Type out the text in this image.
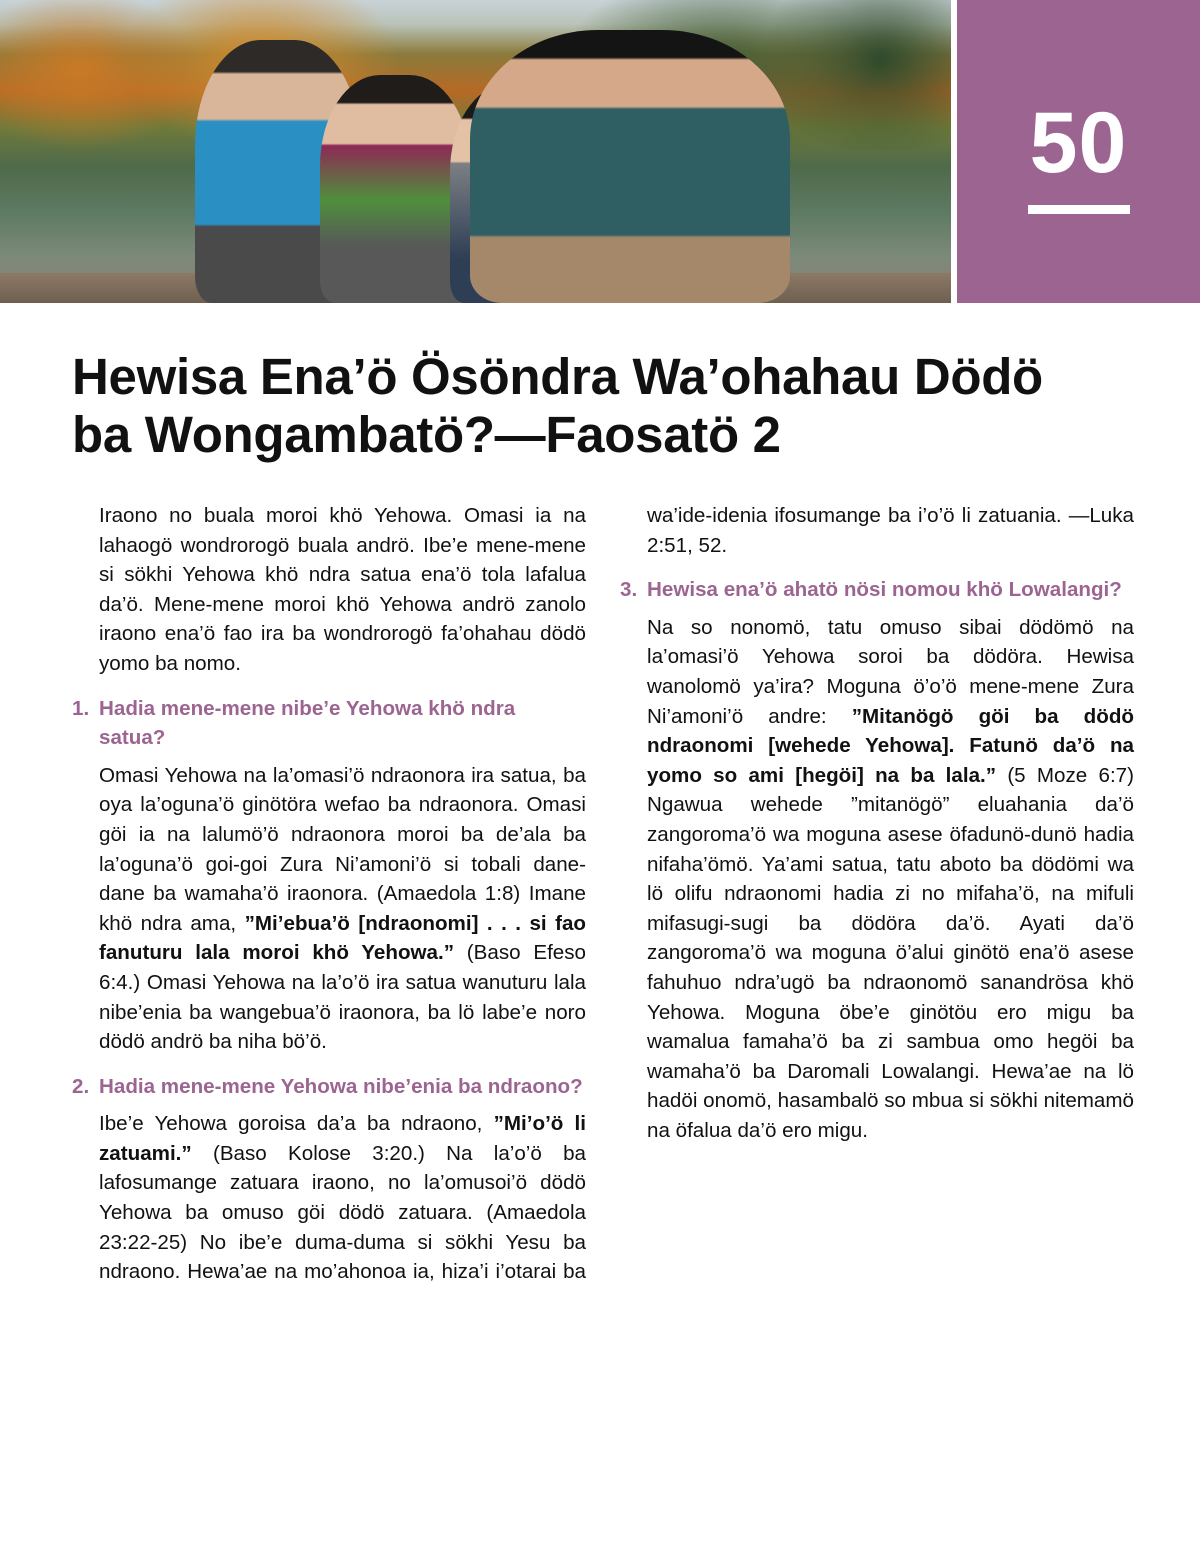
50
Hewisa Ena’ö Ösöndra Wa’ohahau Dödö
ba Wongambatö?—Faosatö 2

Iraono no buala moroi khö Yehowa. Omasi ia na lahaogö wondrorogö buala andrö. Ibe’e mene-mene si sökhi Yehowa khö ndra satua ena’ö tola lafalua da’ö. Mene-mene moroi khö Yehowa andrö zanolo iraono ena’ö fao ira ba wondrorogö fa’ohahau dödö yomo ba nomo.

1. Hadia mene-mene nibe’e Yehowa khö ndra satua?

Omasi Yehowa na la’omasi’ö ndraonora ira satua, ba oya la’oguna’ö ginötöra wefao ba ndraonora. Omasi göi ia na lalumö’ö ndraonora moroi ba de’ala ba la’oguna’ö goi-goi Zura Ni’amoni’ö si tobali dane-dane ba wamaha’ö iraonora. (Amaedola 1:8) Imane khö ndra ama, ”Mi’ebua’ö [ndraonomi] . . . si fao fanuturu lala moroi khö Yehowa.” (Baso Efeso 6:4.) Omasi Yehowa na la’o’ö ira satua wanuturu lala nibe’enia ba wangebua’ö iraonora, ba lö labe’e noro dödö andrö ba niha bö’ö.

2. Hadia mene-mene Yehowa nibe’enia ba ndraono?

Ibe’e Yehowa goroisa da’a ba ndraono, ”Mi’o’ö li zatuami.” (Baso Kolose 3:20.) Na la’o’ö ba lafosumange zatuara iraono, no la’omusoi’ö dödö Yehowa ba omuso göi dödö zatuara. (Amaedola 23:22-25) No ibe’e duma-duma si sökhi Yesu ba ndraono. Hewa’ae na mo’ahonoa ia, hiza’i i’otarai ba wa’ide-idenia ifosumange ba i’o’ö li zatuania. —Luka 2:51, 52.

3. Hewisa ena’ö ahatö nösi nomou khö Lowalangi?

Na so nonomö, tatu omuso sibai dödömö na la’omasi’ö Yehowa soroi ba dödöra. Hewisa wanolomö ya’ira? Moguna ö’o’ö mene-mene Zura Ni’amoni’ö andre: ”Mitanögö göi ba dödö ndraonomi [wehede Yehowa]. Fatunö da’ö na yomo so ami [hegöi] na ba lala.” (5 Moze 6:7) Ngawua wehede ”mitanögö” eluahania da’ö zangoroma’ö wa moguna asese öfadunö-dunö hadia nifaha’ömö. Ya’ami satua, tatu aboto ba dödömi wa lö olifu ndraonomi hadia zi no mifaha’ö, na mifuli mifasugi-sugi ba dödöra da’ö. Ayati da’ö zangoroma’ö wa moguna ö’alui ginötö ena’ö asese fahuhuo ndra’ugö ba ndraonomö sanandrösa khö Yehowa. Moguna öbe’e ginötöu ero migu ba wamalua famaha’ö ba zi sambua omo hegöi ba wamaha’ö ba Daromali Lowalangi. Hewa’ae na lö hadöi onomö, hasambalö so mbua si sökhi nitemamö na öfalua da’ö ero migu.
